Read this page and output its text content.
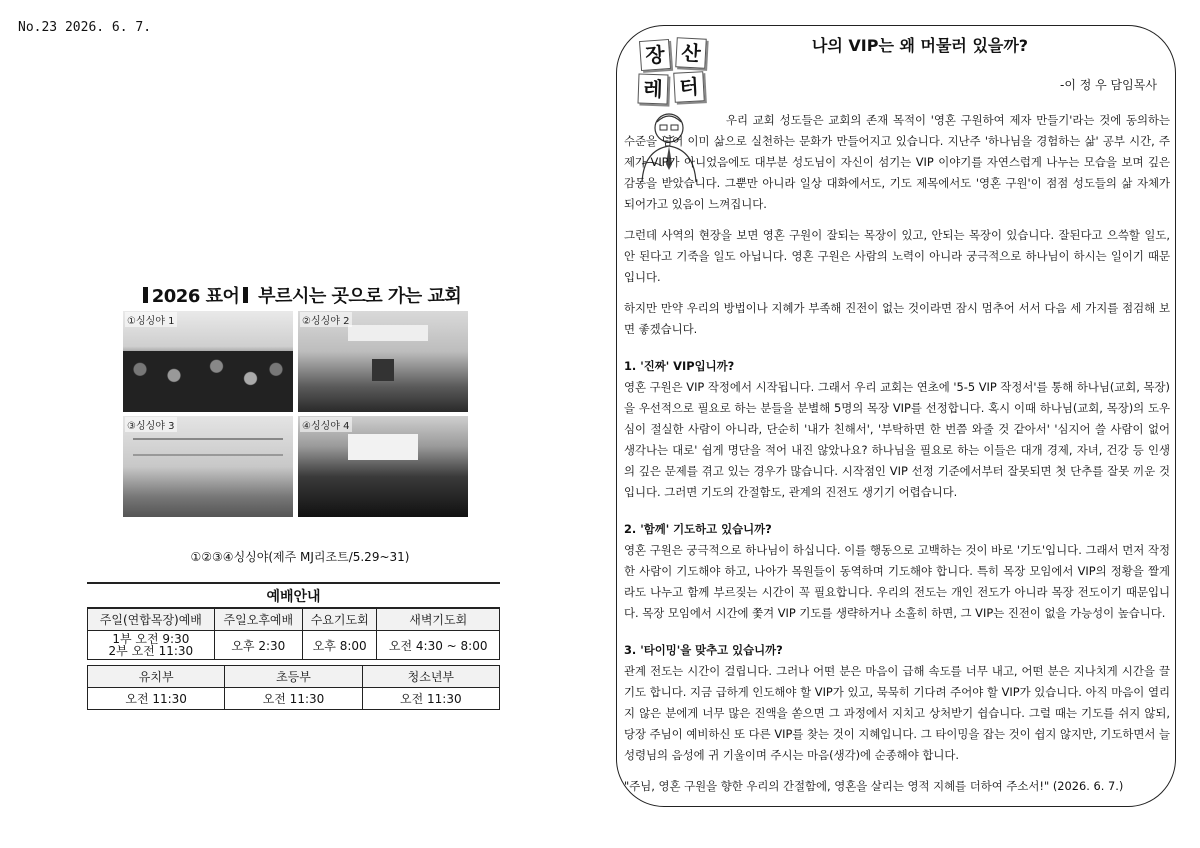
No.23 2026. 6. 7.
2026 표어 부르시는 곳으로 가는 교회
①싱싱야 1	②싱싱야 2
③싱싱야 3	④싱싱야 4
①②③④싱싱야(제주 MJ리조트/5.29~31)
예배안내
주일(연합목장)예배	주일오후예배	수요기도회	새벽기도회

1부 오전 9:30
2부 오전 11:30	오후 2:30	오후 8:00	오전 4:30 ~ 8:00
유치부	초등부	청소년부
오전 11:30	오전 11:30	오전 11:30
장 산
레 터
나의 VIP는 왜 머물러 있을까?
-이 정 우 담임목사

우리 교회 성도들은 교회의 존재 목적이 '영혼 구원하여 제자 만들기'라는 것에 동의하는 수준을 넘어 이미 삶으로 실천하는 문화가 만들어지고 있습니다. 지난주 '하나님을 경험하는 삶' 공부 시간, 주제가 VIP가 아니었음에도 대부분 성도님이 자신이 섬기는 VIP 이야기를 자연스럽게 나누는 모습을 보며 깊은 감동을 받았습니다. 그뿐만 아니라 일상 대화에서도, 기도 제목에서도 '영혼 구원'이 점점 성도들의 삶 자체가 되어가고 있음이 느껴집니다.

그런데 사역의 현장을 보면 영혼 구원이 잘되는 목장이 있고, 안되는 목장이 있습니다. 잘된다고 으쓱할 일도, 안 된다고 기죽을 일도 아닙니다. 영혼 구원은 사람의 노력이 아니라 궁극적으로 하나님이 하시는 일이기 때문입니다.

하지만 만약 우리의 방법이나 지혜가 부족해 진전이 없는 것이라면 잠시 멈추어 서서 다음 세 가지를 점검해 보면 좋겠습니다.

1. '진짜' VIP입니까?

영혼 구원은 VIP 작정에서 시작됩니다. 그래서 우리 교회는 연초에 '5-5 VIP 작정서'를 통해 하나님(교회, 목장)을 우선적으로 필요로 하는 분들을 분별해 5명의 목장 VIP를 선정합니다. 혹시 이때 하나님(교회, 목장)의 도우심이 절실한 사람이 아니라, 단순히 '내가 친해서', '부탁하면 한 번쯤 와줄 것 같아서' '심지어 쓸 사람이 없어 생각나는 대로' 쉽게 명단을 적어 내진 않았나요? 하나님을 필요로 하는 이들은 대개 경제, 자녀, 건강 등 인생의 깊은 문제를 겪고 있는 경우가 많습니다. 시작점인 VIP 선정 기준에서부터 잘못되면 첫 단추를 잘못 끼운 것입니다. 그러면 기도의 간절함도, 관계의 진전도 생기기 어렵습니다.

2. '함께' 기도하고 있습니까?

영혼 구원은 궁극적으로 하나님이 하십니다. 이를 행동으로 고백하는 것이 바로 '기도'입니다. 그래서 먼저 작정한 사람이 기도해야 하고, 나아가 목원들이 동역하며 기도해야 합니다. 특히 목장 모임에서 VIP의 정황을 짤게라도 나누고 함께 부르짖는 시간이 꼭 필요합니다. 우리의 전도는 개인 전도가 아니라 목장 전도이기 때문입니다. 목장 모임에서 시간에 쫓겨 VIP 기도를 생략하거나 소홀히 하면, 그 VIP는 진전이 없을 가능성이 높습니다.

3. '타이밍'을 맞추고 있습니까?

관계 전도는 시간이 걸립니다. 그러나 어떤 분은 마음이 급해 속도를 너무 내고, 어떤 분은 지나치게 시간을 끌기도 합니다. 지금 급하게 인도해야 할 VIP가 있고, 묵묵히 기다려 주어야 할 VIP가 있습니다. 아직 마음이 열리지 않은 분에게 너무 많은 진액을 쏟으면 그 과정에서 지치고 상처받기 쉽습니다. 그럴 때는 기도를 쉬지 않되, 당장 주님이 예비하신 또 다른 VIP를 찾는 것이 지혜입니다. 그 타이밍을 잡는 것이 쉽지 않지만, 기도하면서 늘 성령님의 음성에 귀 기울이며 주시는 마음(생각)에 순종해야 합니다.

"주님, 영혼 구원을 향한 우리의 간절함에, 영혼을 살리는 영적 지혜를 더하여 주소서!" (2026. 6. 7.)
